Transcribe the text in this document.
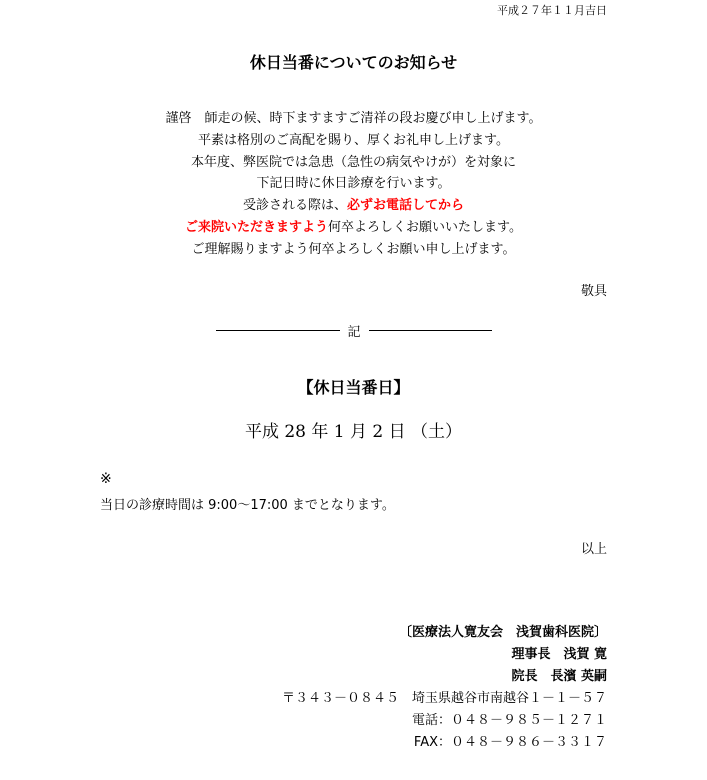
平成２７年１１月吉日
休日当番についてのお知らせ
謹啓　師走の候、時下ますますご清祥の段お慶び申し上げます。
平素は格別のご高配を賜り、厚くお礼申し上げます。
本年度、弊医院では急患（急性の病気やけが）を対象に
下記日時に休日診療を行います。
受診される際は、必ずお電話してから
ご来院いただきますよう何卒よろしくお願いいたします。
ご理解賜りますよう何卒よろしくお願い申し上げます。
敬具
記
【休日当番日】
平成 28 年 1 月 2 日 （土）
※
当日の診療時間は 9:00～17:00 までとなります。
以上
〔医療法人寛友会　浅賀歯科医院〕
理事長　浅賀 寛
院長　長濱 英嗣
〒３４３－０８４５　埼玉県越谷市南越谷１－１－５７
電話：０４８－９８５－１２７１
FAX：０４８－９８６－３３１７
